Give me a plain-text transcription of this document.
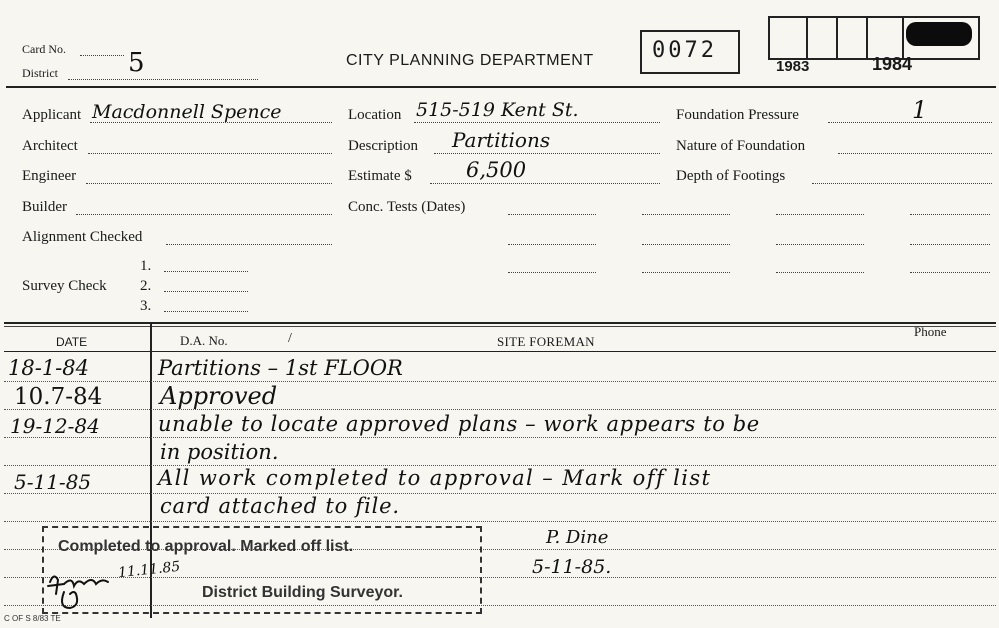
Card No.
District	5	CITY PLANNING DEPARTMENT	0072
1983	1984
Applicant Macdonnell Spence
Architect
Engineer
Builder
Alignment Checked
Survey Check
1.
2.
3.
Location 515-519 Kent St.
Description Partitions
Estimate $	6,500
Conc. Tests (Dates)
Foundation Pressure	1
Nature of Foundation
Depth of Footings
DATE	D.A. No.	/	SITE FOREMAN
Phone
18-1-84	Partitions – 1st FLOOR
10.7-84 Approved
19-12-84	unable to locate approved plans – work appears to be
in position.
5-11-85	All work completed to approval – Mark off list
card attached to file.
P. Dine
5-11-85.
Completed to approval. Marked off list.
District Building Surveyor.
11.11.85
C OF S 8/83 TE
